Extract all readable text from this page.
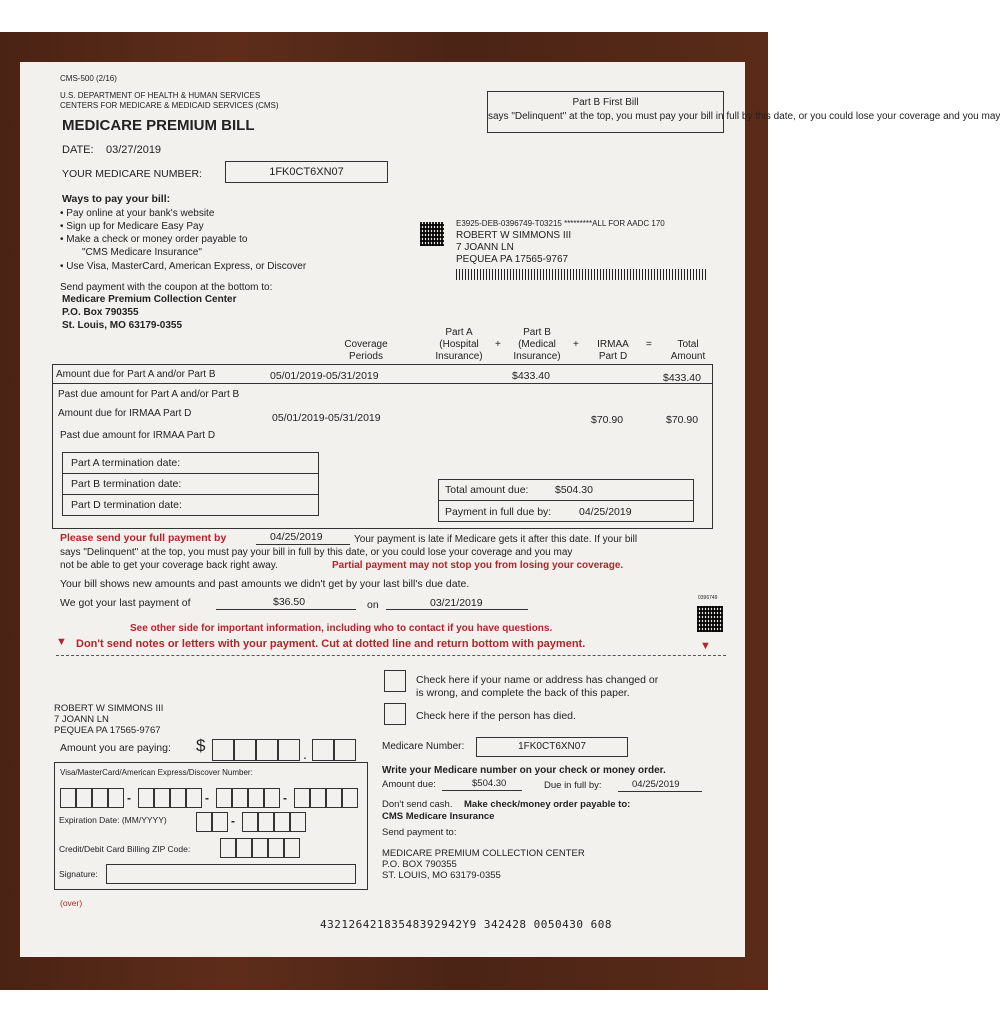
CMS-500 (2/16)
U.S. DEPARTMENT OF HEALTH & HUMAN SERVICES
CENTERS FOR MEDICARE & MEDICAID SERVICES (CMS)
MEDICARE PREMIUM BILL
Part B First Bill
says "Delinquent" at the top, you must pay your bill in full by this date, or you could lose your coverage and you may
DATE: 03/27/2019
YOUR MEDICARE NUMBER:	1FK0CT6XN07
Ways to pay your bill:
• Pay online at your bank's website
• Sign up for Medicare Easy Pay
• Make a check or money order payable to
"CMS Medicare Insurance"
• Use Visa, MasterCard, American Express, or Discover
Send payment with the coupon at the bottom to:
Medicare Premium Collection Center
P.O. Box 790355
St. Louis, MO 63179-0355
E3925-DEB-0396749-T03215 *********ALL FOR AADC 170
ROBERT W SIMMONS III
7 JOANN LN
PEQUEA PA 17565-9767
Coverage
Periods
Part A
(Hospital
Insurance)
+
Part B
(Medical
Insurance)
+	IRMAA
Part D
=	Total
Amount
Amount due for Part A and/or Part B	05/01/2019-05/31/2019	$433.40	$433.40
Past due amount for Part A and/or Part B
Amount due for IRMAA Part D	05/01/2019-05/31/2019	$70.90	$70.90
Past due amount for IRMAA Part D
Part A termination date:
Part B termination date:
Part D termination date:
Total amount due:	$504.30
Payment in full due by:	04/25/2019
Please send your full payment by	04/25/2019	Your payment is late if Medicare gets it after this date. If your bill
says "Delinquent" at the top, you must pay your bill in full by this date, or you could lose your coverage and you may
not be able to get your coverage back right away.	Partial payment may not stop you from losing your coverage.
Your bill shows new amounts and past amounts we didn't get by your last bill's due date.
We got your last payment of	$36.50	on	03/21/2019	0396749
See other side for important information, including who to contact if you have questions.
▼ Don't send notes or letters with your payment. Cut at dotted line and return bottom with payment.	▼
Check here if your name or address has changed or
is wrong, and complete the back of this paper.
Check here if the person has died.
ROBERT W SIMMONS III
7 JOANN LN
PEQUEA PA 17565-9767
Amount you are paying: $	.
Visa/MasterCard/American Express/Discover Number:
Expiration Date: (MM/YYYY)
Credit/Debit Card Billing ZIP Code:
Signature:
-	-	-
-
Medicare Number:	1FK0CT6XN07
Write your Medicare number on your check or money order.
Amount due:	$504.30	Due in full by:	04/25/2019
Don't send cash. Make check/money order payable to:
CMS Medicare Insurance
Send payment to:
MEDICARE PREMIUM COLLECTION CENTER
P.O. BOX 790355
ST. LOUIS, MO 63179-0355
(over)
43212642183548392942Y9 342428 0050430 608
